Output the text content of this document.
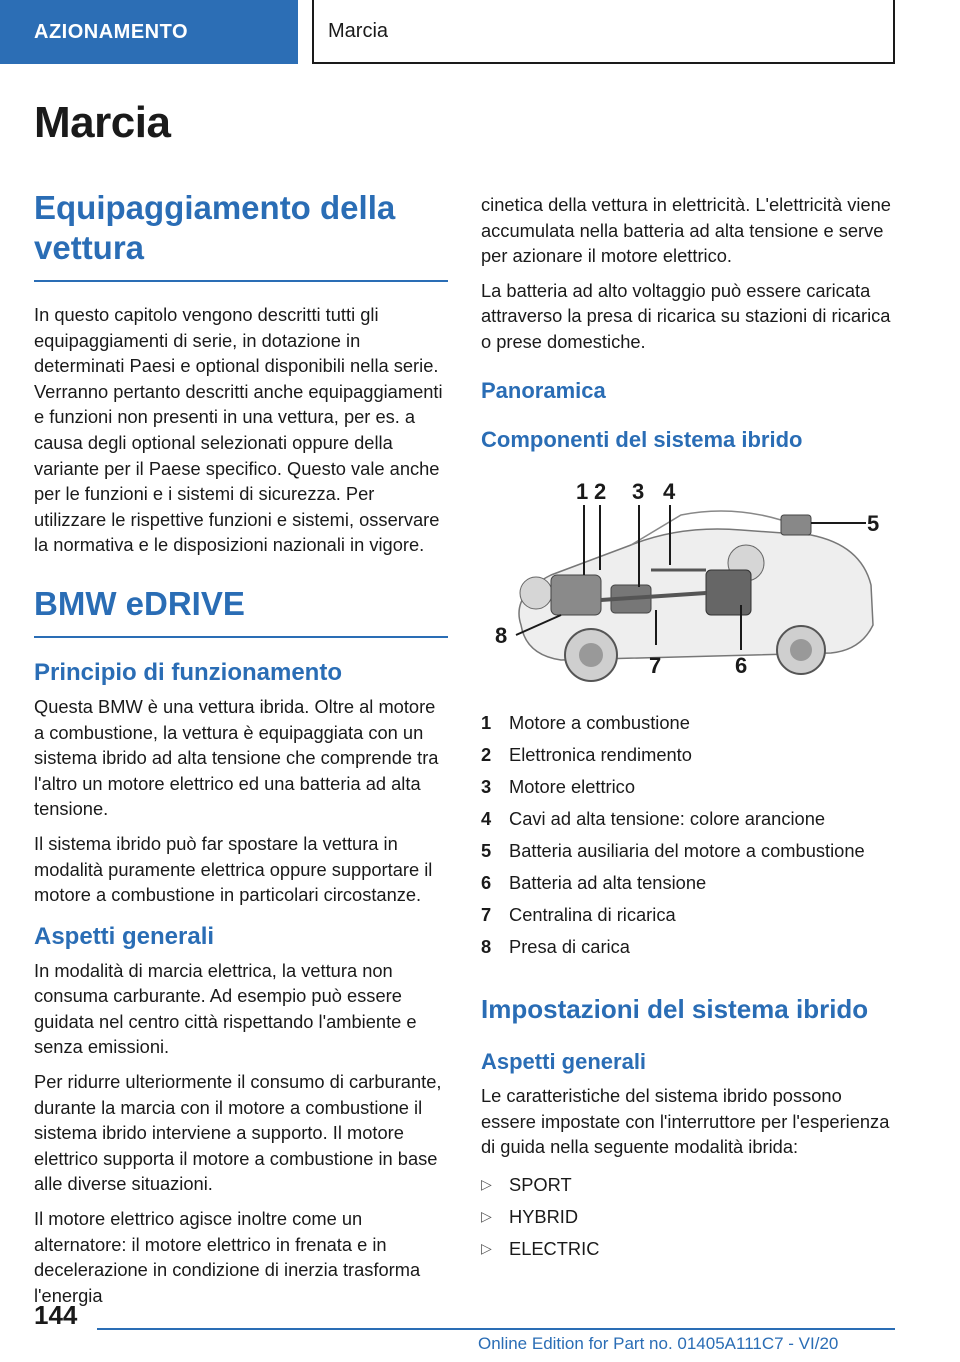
AZIONAMENTO	Marcia
Marcia
Equipaggiamento della vettura

In questo capitolo vengono descritti tutti gli equipaggiamenti di serie, in dotazione in determinati Paesi e optional disponibili nella serie. Verranno pertanto descritti anche equipaggiamenti e funzioni non presenti in una vettura, per es. a causa degli optional selezionati oppure della variante per il Paese specifico. Questo vale anche per le funzioni e i sistemi di sicurezza. Per utilizzare le rispettive funzioni e sistemi, osservare la normativa e le disposizioni nazionali in vigore.

BMW eDRIVE
Principio di funzionamento

Questa BMW è una vettura ibrida. Oltre al motore a combustione, la vettura è equipaggiata con un sistema ibrido ad alta tensione che comprende tra l'altro un motore elettrico ed una batteria ad alta tensione.

Il sistema ibrido può far spostare la vettura in modalità puramente elettrica oppure supportare il motore a combustione in particolari circostanze.

Aspetti generali

In modalità di marcia elettrica, la vettura non consuma carburante. Ad esempio può essere guidata nel centro città rispettando l'ambiente e senza emissioni.

Per ridurre ulteriormente il consumo di carburante, durante la marcia con il motore a combustione il sistema ibrido interviene a supporto. Il motore elettrico supporta il motore a combustione in base alle diverse situazioni.

Il motore elettrico agisce inoltre come un alternatore: il motore elettrico in frenata e in decelerazione in condizione di inerzia trasforma l'energia

cinetica della vettura in elettricità. L'elettricità viene accumulata nella batteria ad alta tensione e serve per azionare il motore elettrico.

La batteria ad alto voltaggio può essere caricata attraverso la presa di ricarica su stazioni di ricarica o prese domestiche.

Panoramica
Componenti del sistema ibrido
1 2 3 4
5
6
7
8
1 Motore a combustione
2 Elettronica rendimento
3 Motore elettrico
4 Cavi ad alta tensione: colore arancione
5 Batteria ausiliaria del motore a combustione
6 Batteria ad alta tensione
7 Centralina di ricarica
8 Presa di carica
Impostazioni del sistema ibrido
Aspetti generali

Le caratteristiche del sistema ibrido possono essere impostate con l'interruttore per l'esperienza di guida nella seguente modalità ibrida:

▷ SPORT
▷ HYBRID
▷ ELECTRIC
144
Online Edition for Part no. 01405A111C7 - VI/20
